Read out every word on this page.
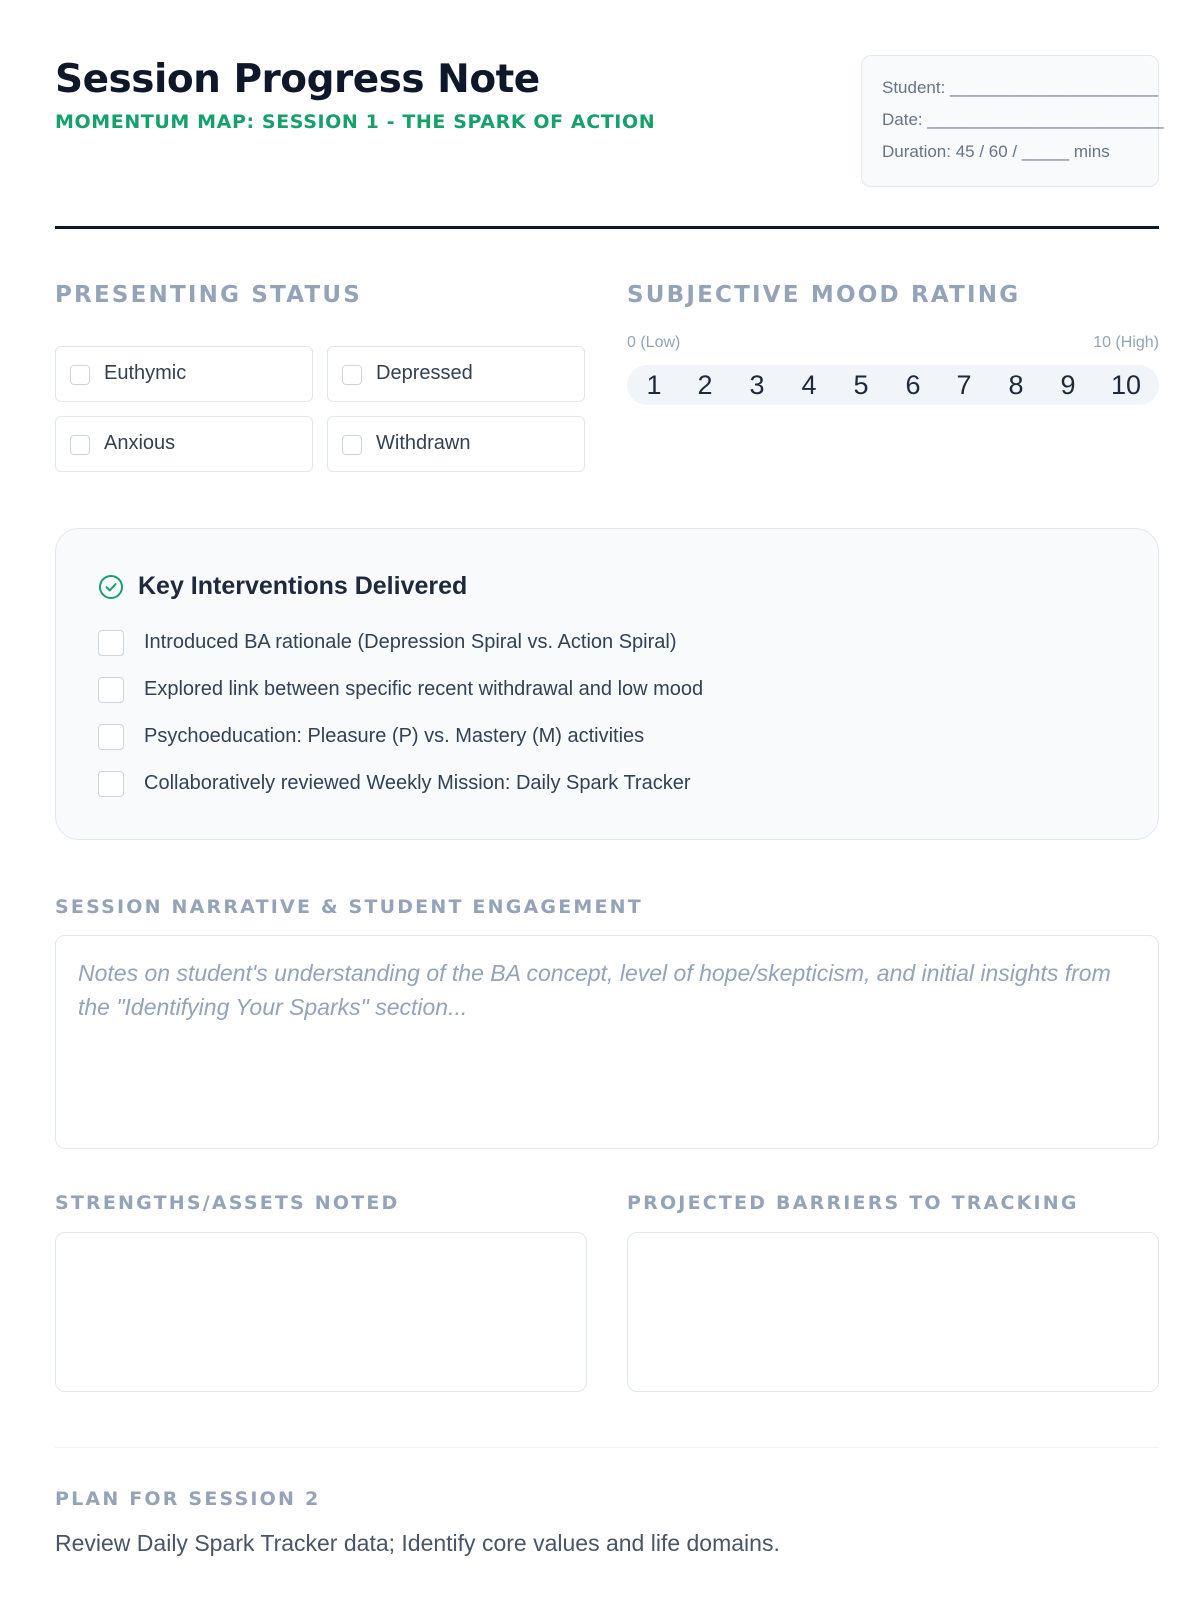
Session Progress Note
MOMENTUM MAP: SESSION 1 - THE SPARK OF ACTION
Student: ______________________
Date: _________________________
Duration: 45 / 60 / _____ mins
PRESENTING STATUS
Euthymic	Depressed
Anxious	Withdrawn
SUBJECTIVE MOOD RATING
0 (Low)	10 (High)
1	2	3	4	5	6	7	8	9	10
Key Interventions Delivered
Introduced BA rationale (Depression Spiral vs. Action Spiral)
Explored link between specific recent withdrawal and low mood
Psychoeducation: Pleasure (P) vs. Mastery (M) activities
Collaboratively reviewed Weekly Mission: Daily Spark Tracker
SESSION NARRATIVE & STUDENT ENGAGEMENT
Notes on student's understanding of the BA concept, level of hope/skepticism, and initial insights from the "Identifying Your Sparks" section...
STRENGTHS/ASSETS NOTED	PROJECTED BARRIERS TO TRACKING
PLAN FOR SESSION 2
Review Daily Spark Tracker data; Identify core values and life domains.
